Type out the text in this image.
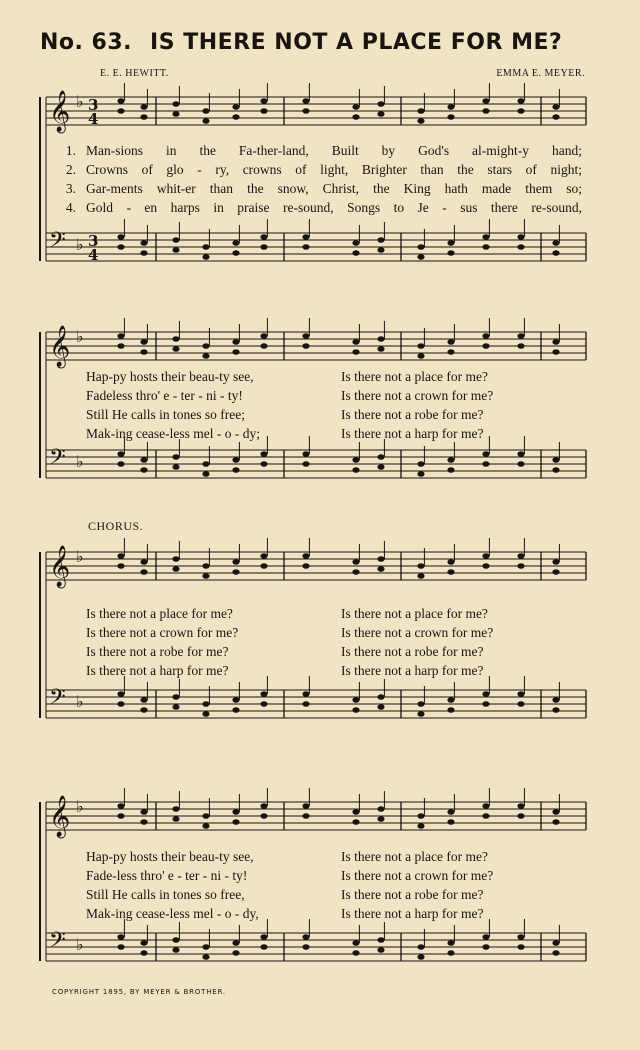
No. 63. IS THERE NOT A PLACE FOR ME?
E. E. HEWITT.	EMMA E. MEYER.
𝄞 ♭ 3
4
𝄢 ♭ 3
4
1. Man-sions in the Fa-ther-land, Built by God's al-might-y hand;
2. Crowns of glo - ry, crowns of light, Brighter than the stars of night;
3. Gar-ments whit-er than the snow, Christ, the King hath made them so;
4. Gold - en harps in praise re-sound, Songs to Je - sus there re-sound,
𝄞 ♭
𝄢 ♭
Hap-py hosts their beau-ty see,	Is there not a place for me?
Fadeless thro' e - ter - ni - ty!	Is there not a crown for me?
Still He calls in tones so free;	Is there not a robe for me?
Mak-ing cease-less mel - o - dy;	Is there not a harp for me?
CHORUS.
𝄞 ♭
𝄢 ♭
Is there not a place for me?	Is there not a place for me?
Is there not a crown for me?	Is there not a crown for me?
Is there not a robe for me?	Is there not a robe for me?
Is there not a harp for me?	Is there not a harp for me?
𝄞 ♭
𝄢 ♭
Hap-py hosts their beau-ty see,	Is there not a place for me?
Fade-less thro' e - ter - ni - ty!	Is there not a crown for me?
Still He calls in tones so free,	Is there not a robe for me?
Mak-ing cease-less mel - o - dy,	Is there not a harp for me?
COPYRIGHT 1895, BY MEYER & BROTHER.
